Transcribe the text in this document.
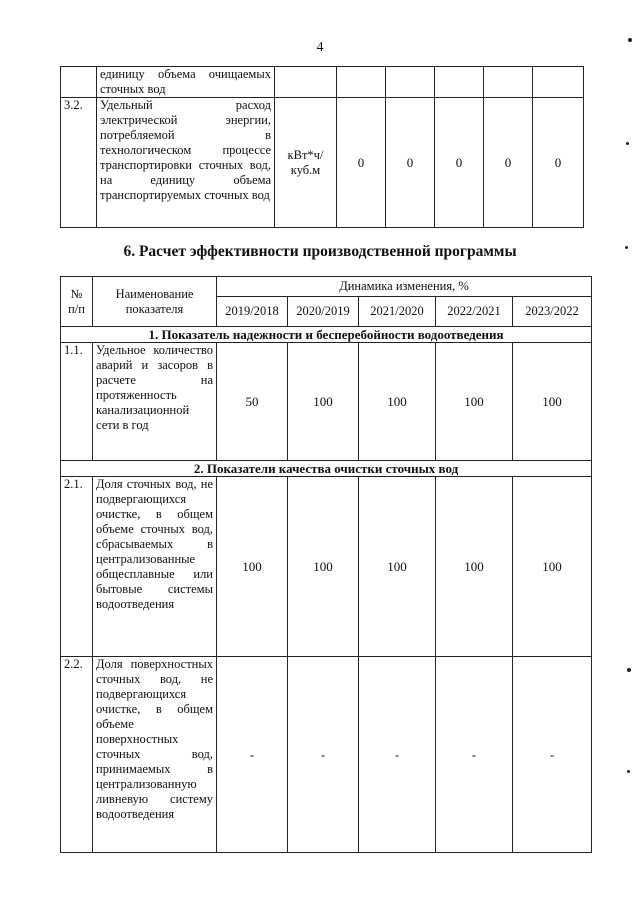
4
	единицу объема очищаемых сточных вод						
3.2.	Удельный расход электрической энергии, потребляемой в технологическом процессе транспортировки сточных вод, на единицу объема транспортируемых сточных вод	кВт*ч/ куб.м	0	0	0	0	0
6. Расчет эффективности производственной программы
№ п/п	Наименование показателя	Динамика изменения, %				
		2019/2018	2020/2019	2021/2020	2022/2021	2023/2022
1. Показатель надежности и бесперебойности водоотведения						
1.1.	Удельное количество аварий и засоров в расчете на протяженность канализационной сети в год	50	100	100	100	100
2. Показатели качества очистки сточных вод						
2.1.	Доля сточных вод, не подвергающихся очистке, в общем объеме сточных вод, сбрасываемых в централизованные общесплавные или бытовые системы водоотведения	100	100	100	100	100
2.2.	Доля поверхностных сточных вод, не подвергающихся очистке, в общем объеме поверхностных сточных вод, принимаемых в централизованную ливневую систему водоотведения	-	-	-	-	-
